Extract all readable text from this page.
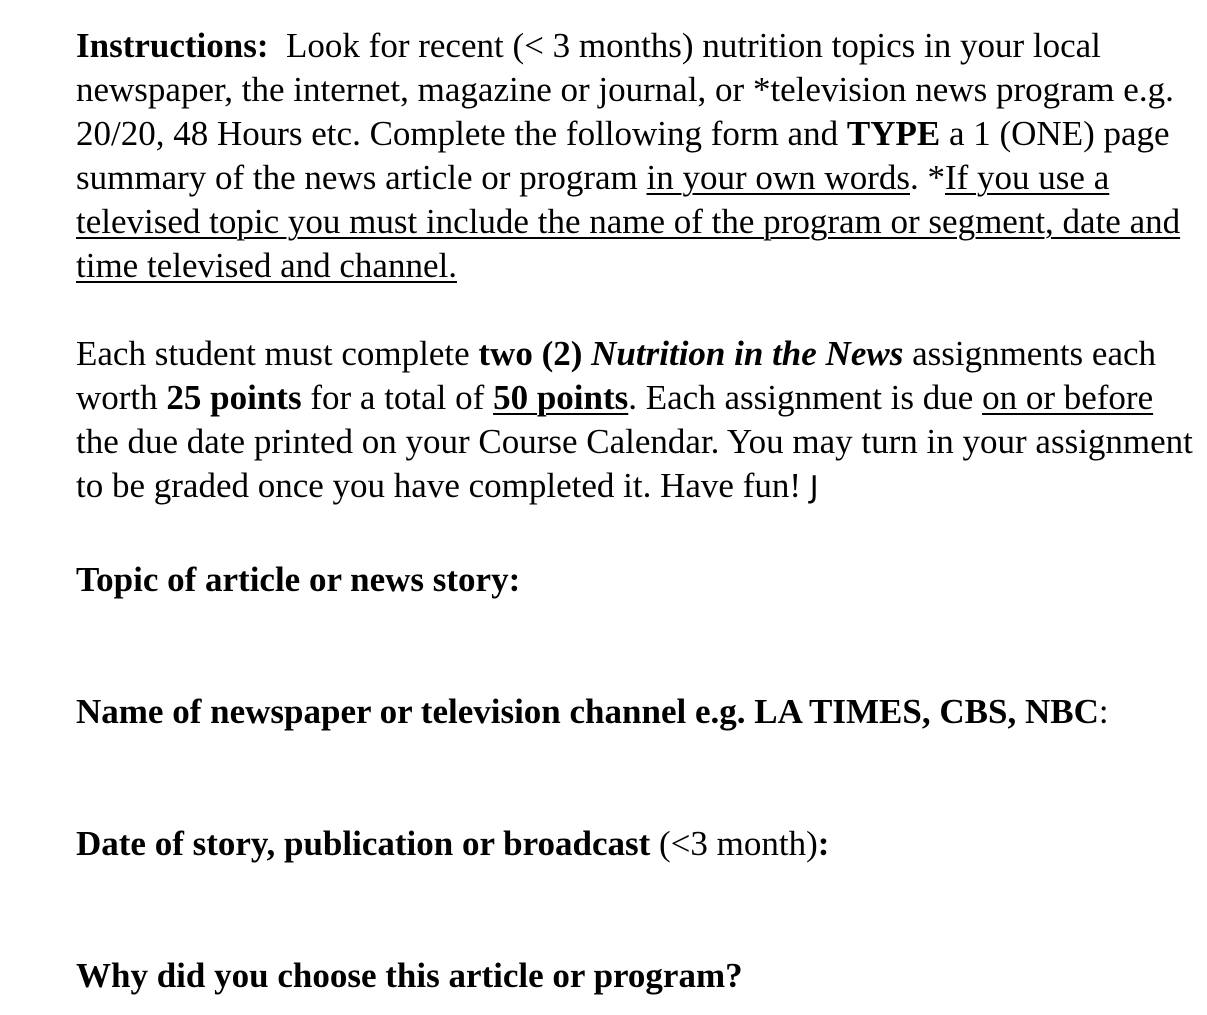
Instructions: Look for recent (< 3 months) nutrition topics in your local newspaper, the internet, magazine or journal, or *television news program e.g. 20/20, 48 Hours etc. Complete the following form and TYPE a 1 (ONE) page summary of the news article or program in your own words. *If you use a televised topic you must include the name of the program or segment, date and time televised and channel.

Each student must complete two (2) Nutrition in the News assignments each worth 25 points for a total of 50 points. Each assignment is due on or before the due date printed on your Course Calendar. You may turn in your assignment to be graded once you have completed it. Have fun! J

Topic of article or news story:

Name of newspaper or television channel e.g. LA TIMES, CBS, NBC:

Date of story, publication or broadcast (<3 month):

Why did you choose this article or program?
